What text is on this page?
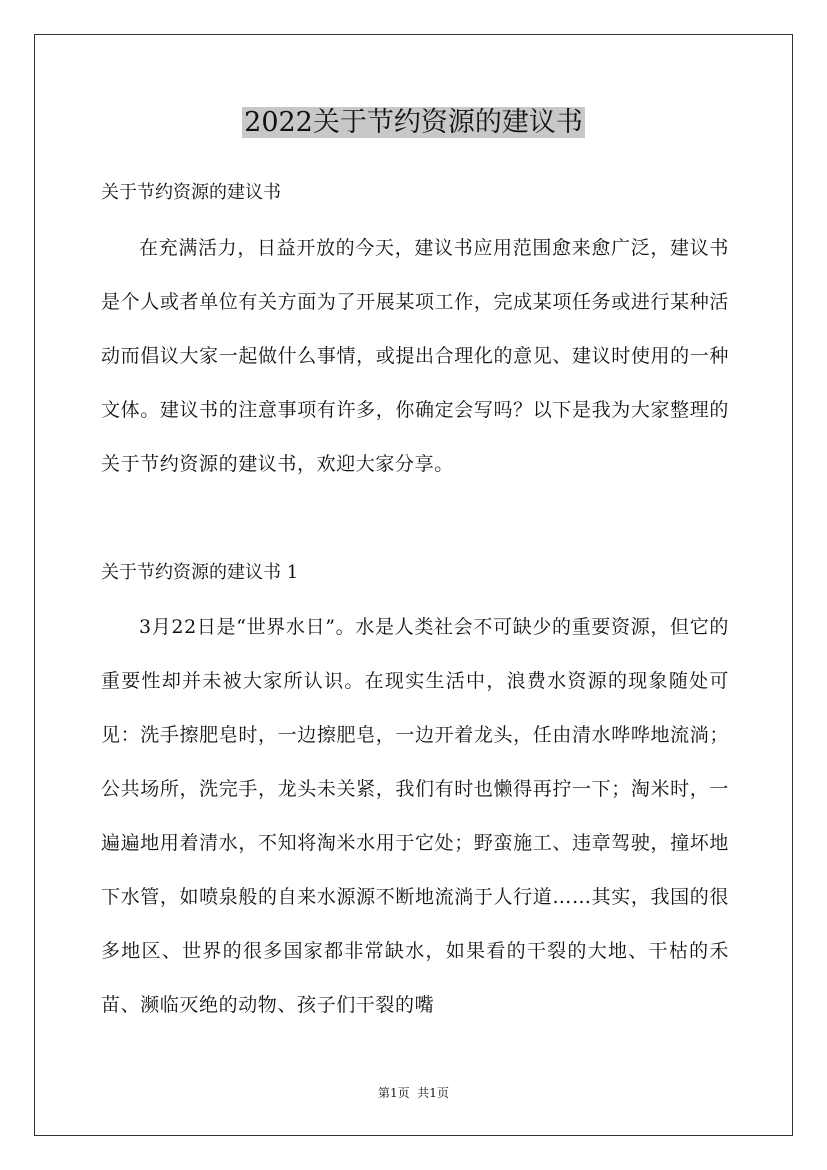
2022关于节约资源的建议书

关于节约资源的建议书

在充满活力，日益开放的今天，建议书应用范围愈来愈广泛，建议书是个人或者单位有关方面为了开展某项工作，完成某项任务或进行某种活动而倡议大家一起做什么事情，或提出合理化的意见、建议时使用的一种文体。建议书的注意事项有许多，你确定会写吗？以下是我为大家整理的关于节约资源的建议书，欢迎大家分享。

关于节约资源的建议书 1

3月22日是“世界水日”。水是人类社会不可缺少的重要资源，但它的重要性却并未被大家所认识。在现实生活中，浪费水资源的现象随处可见：洗手擦肥皂时，一边擦肥皂，一边开着龙头，任由清水哗哗地流淌；公共场所，洗完手，龙头未关紧，我们有时也懒得再拧一下；淘米时，一遍遍地用着清水，不知将淘米水用于它处；野蛮施工、违章驾驶，撞坏地下水管，如喷泉般的自来水源源不断地流淌于人行道……其实，我国的很多地区、世界的很多国家都非常缺水，如果看的干裂的大地、干枯的禾苗、濒临灭绝的动物、孩子们干裂的嘴

第1页  共1页
